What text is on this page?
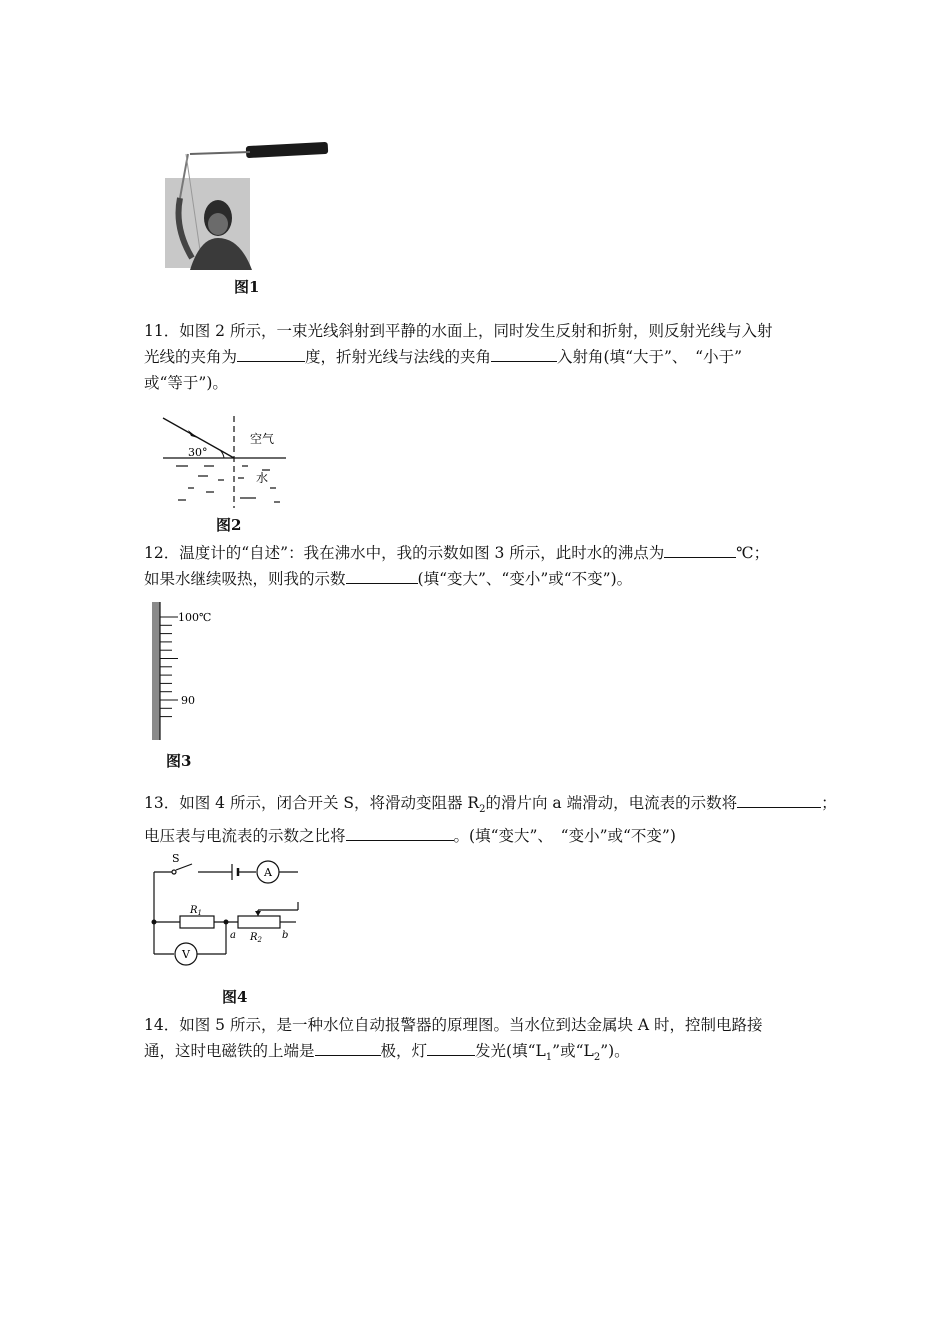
图1
11．如图 2 所示，一束光线斜射到平静的水面上，同时发生反射和折射，则反射光线与入射
光线的夹角为	度，折射光线与法线的夹角	入射角(填“大于”、　“小于”
或“等于”)。
30°
空气
水
图2
12．温度计的“自述”：我在沸水中，我的示数如图 3 所示，此时水的沸点为	℃；
如果水继续吸热，则我的示数	(填“变大”、“变小”或“不变”)。
100℃
90
图3
13．如图 4 所示，闭合开关 S，将滑动变阻器 $R_2$的滑片向 a 端滑动，电流表的示数将	；
电压表与电流表的示数之比将	。(填“变大”、　“变小”或“不变”)
S
A
V
$R_1$
$R_2$
a	b
图4
14．如图 5 所示，是一种水位自动报警器的原理图。当水位到达金属块 A 时，控制电路接
通，这时电磁铁的上端是	极，灯	发光(填“$L_1$”或“$L_2$”)。
